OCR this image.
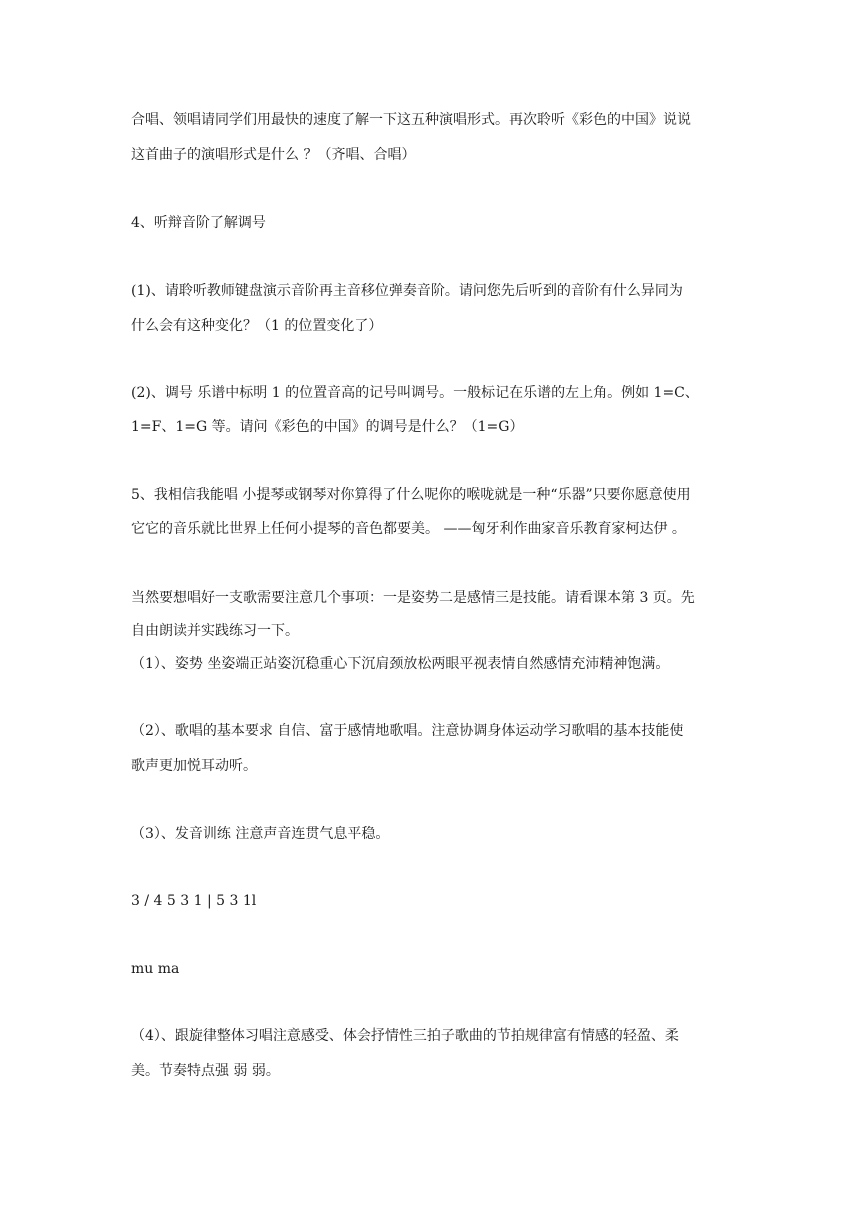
合唱、领唱请同学们用最快的速度了解一下这五种演唱形式。再次聆听《彩色的中国》说说
这首曲子的演唱形式是什么 ？（齐唱、合唱）
4、听辩音阶了解调号
(1)、请聆听教师键盘演示音阶再主音移位弹奏音阶。请问您先后听到的音阶有什么异同为
什么会有这种变化？（1 的位置变化了）
(2)、调号 乐谱中标明 1 的位置音高的记号叫调号。一般标记在乐谱的左上角。例如 1=C、
1=F、1=G 等。请问《彩色的中国》的调号是什么？（1=G）
5、我相信我能唱 小提琴或钢琴对你算得了什么呢你的喉咙就是一种“乐器”只要你愿意使用
它它的音乐就比世界上任何小提琴的音色都要美。 ——匈牙利作曲家音乐教育家柯达伊 。
当然要想唱好一支歌需要注意几个事项：一是姿势二是感情三是技能。请看课本第 3 页。先
自由朗读并实践练习一下。
（1）、姿势 坐姿端正站姿沉稳重心下沉肩颈放松两眼平视表情自然感情充沛精神饱满。
（2）、歌唱的基本要求 自信、富于感情地歌唱。注意协调身体运动学习歌唱的基本技能使
歌声更加悦耳动听。
（3）、发音训练 注意声音连贯气息平稳。
3 / 4 5 3 1 | 5 3 1l
mu ma
（4）、跟旋律整体习唱注意感受、体会抒情性三拍子歌曲的节拍规律富有情感的轻盈、柔
美。节奏特点强 弱 弱。
